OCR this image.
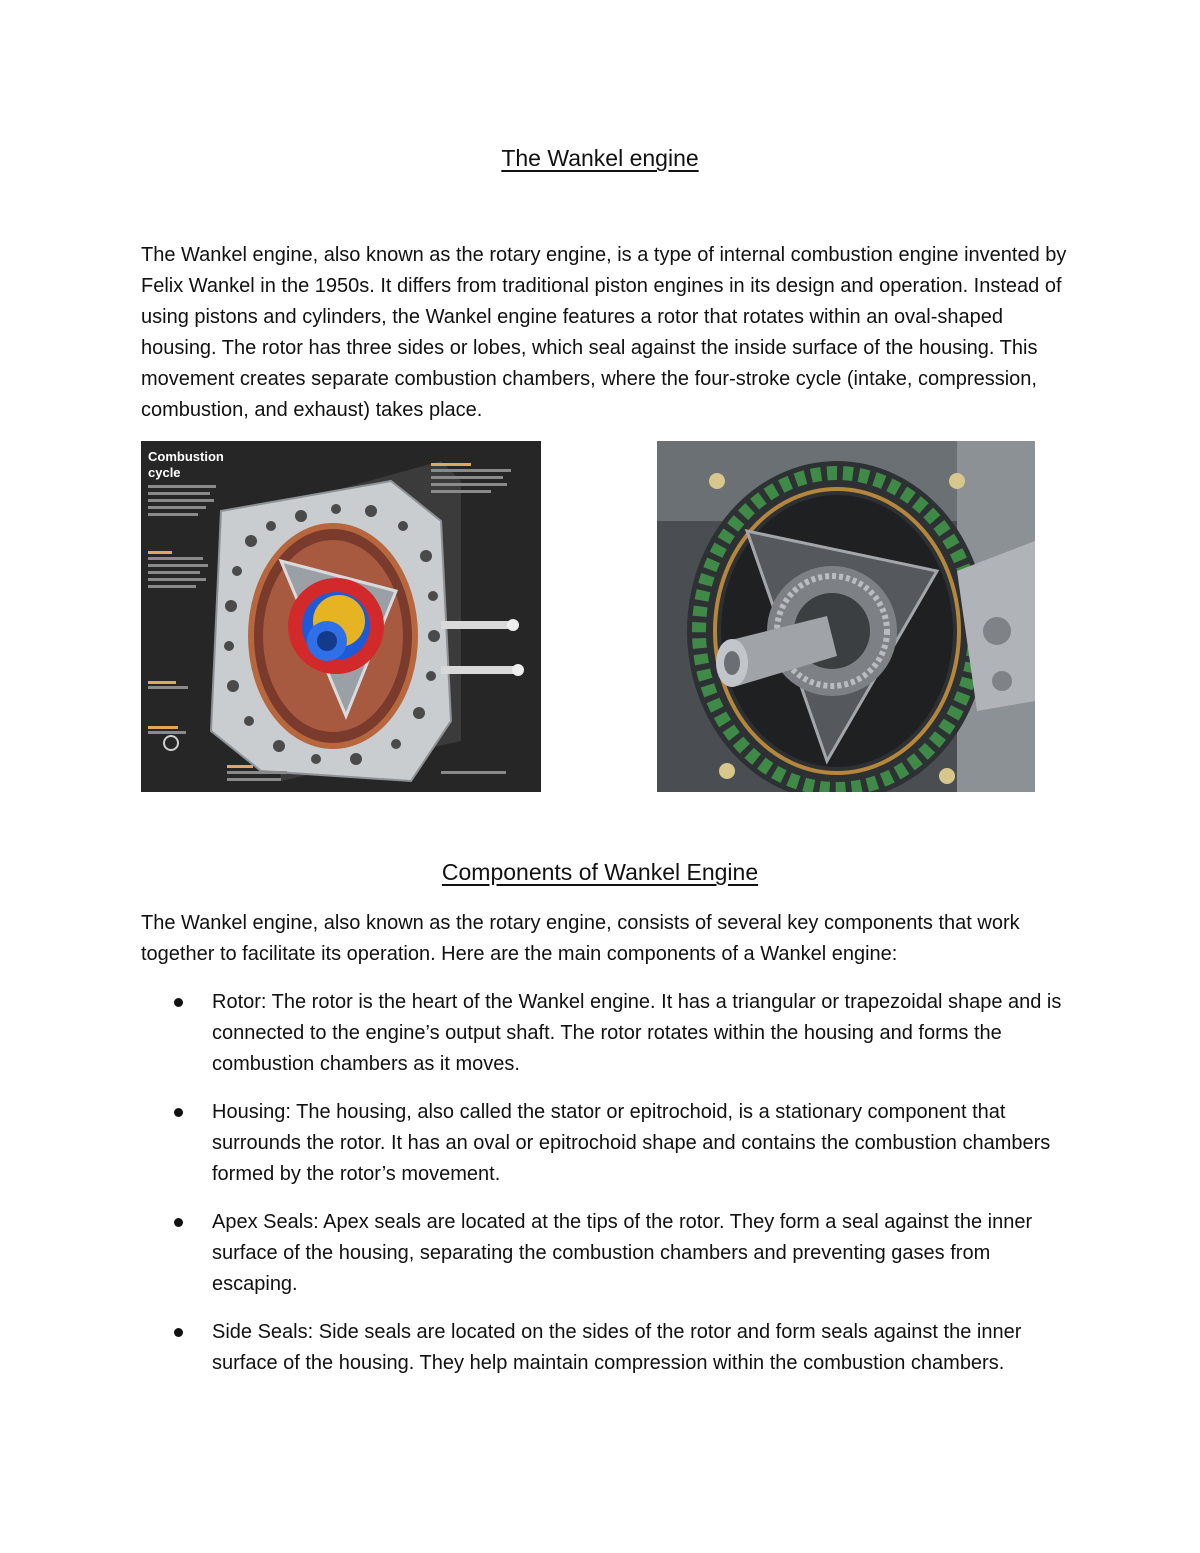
The Wankel engine
The Wankel engine, also known as the rotary engine, is a type of internal combustion engine invented by Felix Wankel in the 1950s. It differs from traditional piston engines in its design and operation. Instead of using pistons and cylinders, the Wankel engine features a rotor that rotates within an oval-shaped housing. The rotor has three sides or lobes, which seal against the inside surface of the housing. This movement creates separate combustion chambers, where the four-stroke cycle (intake, compression, combustion, and exhaust) takes place.
Combustion
cycle
Components of Wankel Engine
The Wankel engine, also known as the rotary engine, consists of several key components that work together to facilitate its operation. Here are the main components of a Wankel engine:
Rotor: The rotor is the heart of the Wankel engine. It has a triangular or trapezoidal shape and is connected to the engine’s output shaft. The rotor rotates within the housing and forms the combustion chambers as it moves.
Housing: The housing, also called the stator or epitrochoid, is a stationary component that surrounds the rotor. It has an oval or epitrochoid shape and contains the combustion chambers formed by the rotor’s movement.
Apex Seals: Apex seals are located at the tips of the rotor. They form a seal against the inner surface of the housing, separating the combustion chambers and preventing gases from escaping.
Side Seals: Side seals are located on the sides of the rotor and form seals against the inner surface of the housing. They help maintain compression within the combustion chambers.
